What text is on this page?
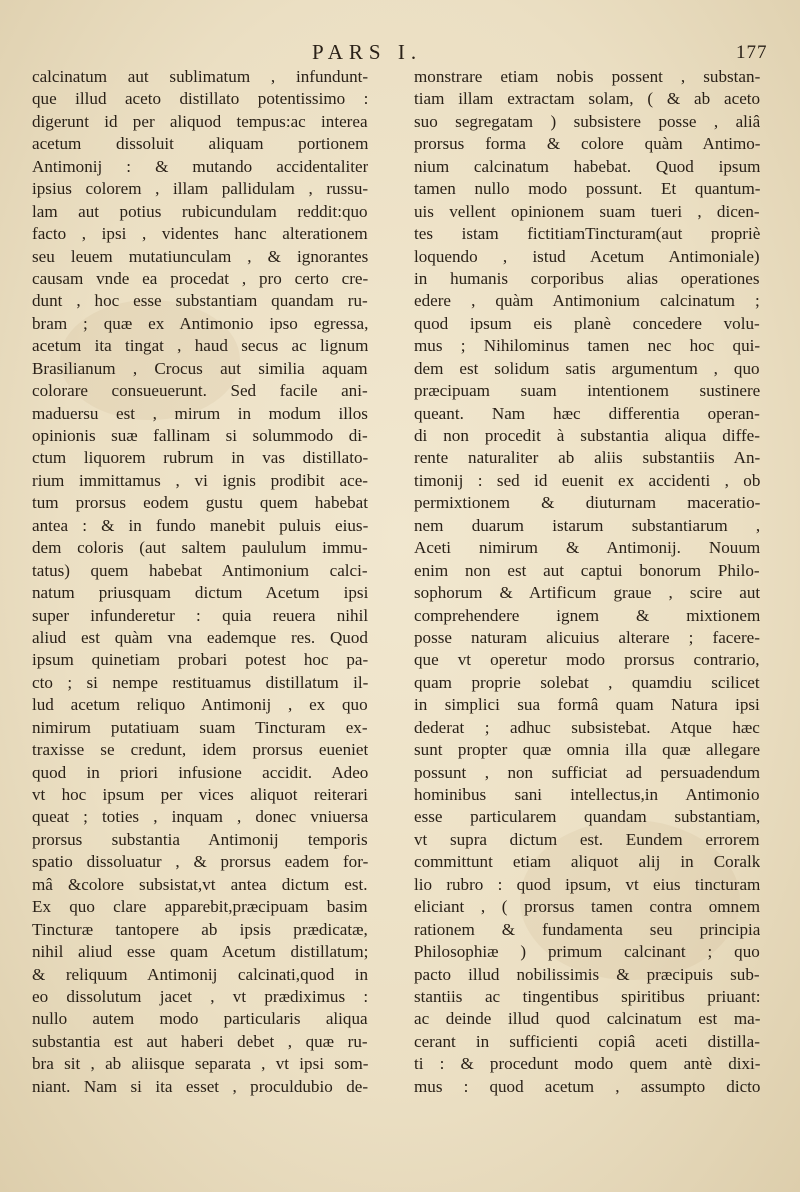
PARS I.	177
calcinatum aut sublimatum , infundunt-
que illud aceto distillato potentissimo :
digerunt id per aliquod tempus:ac interea
acetum dissoluit aliquam portionem
Antimonij : & mutando accidentaliter
ipsius colorem , illam pallidulam , russu-
lam aut potius rubicundulam reddit:quo
facto , ipsi , videntes hanc alterationem
seu leuem mutatiunculam , & ignorantes
causam vnde ea procedat , pro certo cre-
dunt , hoc esse substantiam quandam ru-
bram ; quæ ex Antimonio ipso egressa,
acetum ita tingat , haud secus ac lignum
Brasilianum , Crocus aut similia aquam
colorare consueuerunt. Sed facile ani-
maduersu est , mirum in modum illos
opinionis suæ fallinam si solummodo di-
ctum liquorem rubrum in vas distillato-
rium immittamus , vi ignis prodibit ace-
tum prorsus eodem gustu quem habebat
antea : & in fundo manebit puluis eius-
dem coloris (aut saltem paululum immu-
tatus) quem habebat Antimonium calci-
natum priusquam dictum Acetum ipsi
super infunderetur : quia reuera nihil
aliud est quàm vna eademque res. Quod
ipsum quinetiam probari potest hoc pa-
cto ; si nempe restituamus distillatum il-
lud acetum reliquo Antimonij , ex quo
nimirum putatiuam suam Tincturam ex-
traxisse se credunt, idem prorsus eueniet
quod in priori infusione accidit. Adeo
vt hoc ipsum per vices aliquot reiterari
queat ; toties , inquam , donec vniuersa
prorsus substantia Antimonij temporis
spatio dissoluatur , & prorsus eadem for-
mâ &colore subsistat,vt antea dictum est.
Ex quo clare apparebit,præcipuam basim
Tincturæ tantopere ab ipsis prædicatæ,
nihil aliud esse quam Acetum distillatum;
& reliquum Antimonij calcinati,quod in
eo dissolutum jacet , vt prædiximus :
nullo autem modo particularis aliqua
substantia est aut haberi debet , quæ ru-
bra sit , ab aliisque separata , vt ipsi som-
niant. Nam si ita esset , proculdubio de-
monstrare etiam nobis possent , substan-
tiam illam extractam solam, ( & ab aceto
suo segregatam ) subsistere posse , aliâ
prorsus forma & colore quàm Antimo-
nium calcinatum habebat. Quod ipsum
tamen nullo modo possunt. Et quantum-
uis vellent opinionem suam tueri , dicen-
tes istam fictitiamTincturam(aut propriè
loquendo , istud Acetum Antimoniale)
in humanis corporibus alias operationes
edere , quàm Antimonium calcinatum ;
quod ipsum eis planè concedere volu-
mus ; Nihilominus tamen nec hoc qui-
dem est solidum satis argumentum , quo
præcipuam suam intentionem sustinere
queant. Nam hæc differentia operan-
di non procedit à substantia aliqua diffe-
rente naturaliter ab aliis substantiis An-
timonij : sed id euenit ex accidenti , ob
permixtionem & diuturnam maceratio-
nem duarum istarum substantiarum ,
Aceti nimirum & Antimonij. Nouum
enim non est aut captui bonorum Philo-
sophorum & Artificum graue , scire aut
comprehendere ignem & mixtionem
posse naturam alicuius alterare ; facere-
que vt operetur modo prorsus contrario,
quam proprie solebat , quamdiu scilicet
in simplici sua formâ quam Natura ipsi
dederat ; adhuc subsistebat. Atque hæc
sunt propter quæ omnia illa quæ allegare
possunt , non sufficiat ad persuadendum
hominibus sani intellectus,in Antimonio
esse particularem quandam substantiam,
vt supra dictum est. Eundem errorem
committunt etiam aliquot alij in Coralk
lio rubro : quod ipsum, vt eius tincturam
eliciant , ( prorsus tamen contra omnem
rationem & fundamenta seu principia
Philosophiæ ) primum calcinant ; quo
pacto illud nobilissimis & præcipuis sub-
stantiis ac tingentibus spiritibus priuant:
ac deinde illud quod calcinatum est ma-
cerant in sufficienti copiâ aceti distilla-
ti : & procedunt modo quem antè dixi-
mus : quod acetum , assumpto dicto
